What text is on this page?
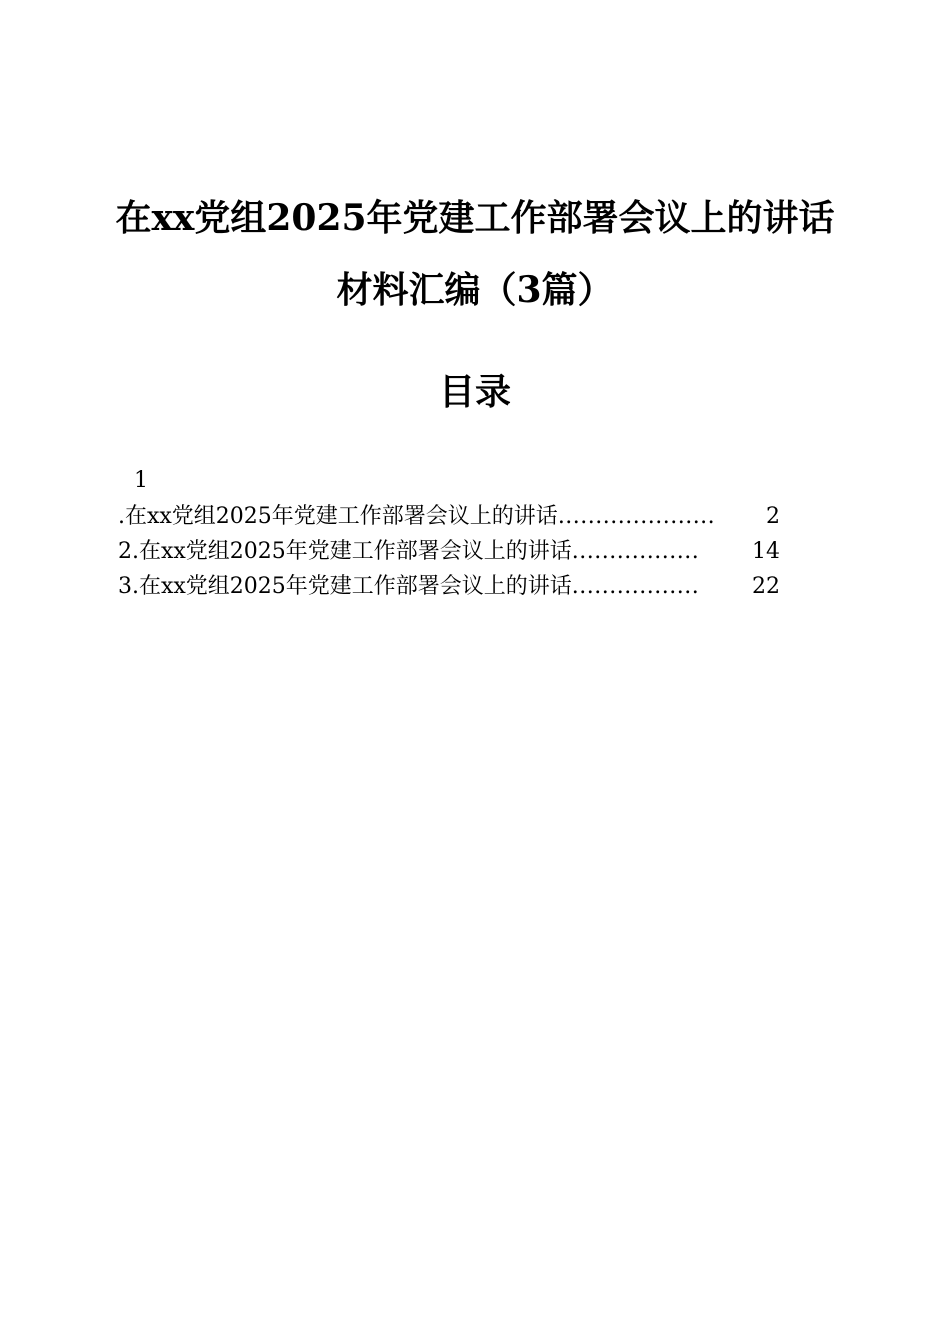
在xx党组2025年党建工作部署会议上的讲话
材料汇编（3篇）
目录
1
.在xx党组2025年党建工作部署会议上的讲话 .....................	2
2.在xx党组2025年党建工作部署会议上的讲话 .................	14
3.在xx党组2025年党建工作部署会议上的讲话 .................	22
